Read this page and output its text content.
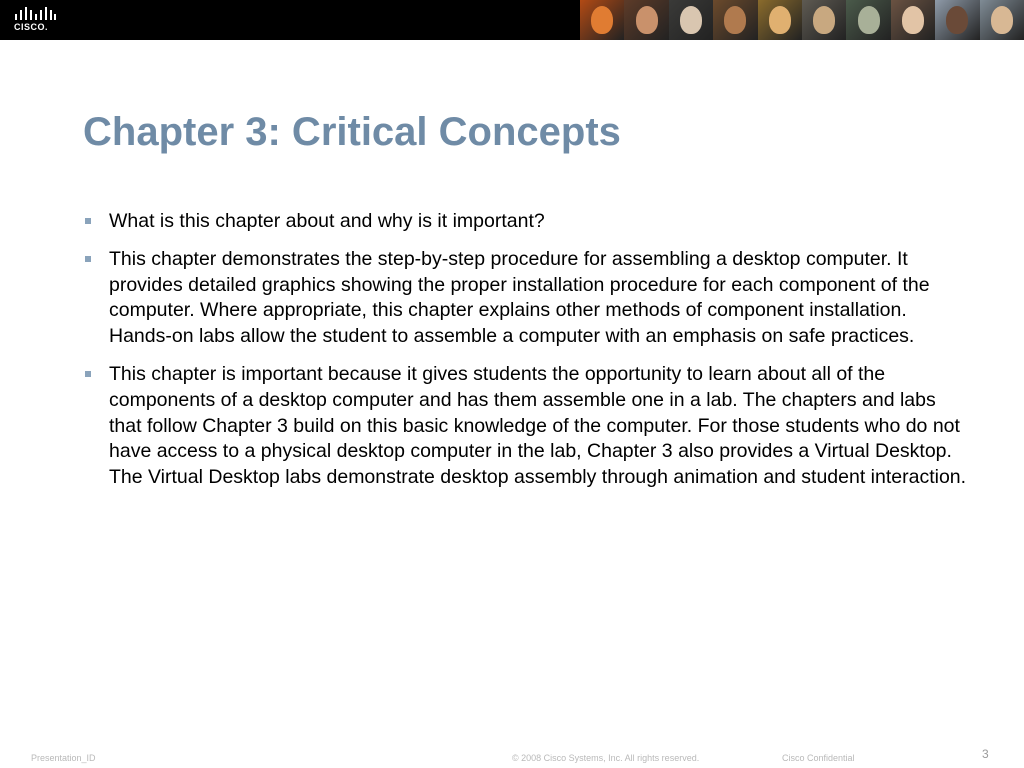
CISCO.
Chapter 3: Critical Concepts
What is this chapter about and why is it important?
This chapter demonstrates the step-by-step procedure for assembling a desktop computer. It provides detailed graphics showing the proper installation procedure for each component of the computer. Where appropriate, this chapter explains other methods of component installation. Hands-on labs allow the student to assemble a computer with an emphasis on safe practices.
This chapter is important because it gives students the opportunity to learn about all of the components of a desktop computer and has them assemble one in a lab. The chapters and labs that follow Chapter 3 build on this basic knowledge of the computer. For those students who do not have access to a physical desktop computer in the lab, Chapter 3 also provides a Virtual Desktop. The Virtual Desktop labs demonstrate desktop assembly through animation and student interaction.
Presentation_ID	© 2008 Cisco Systems, Inc. All rights reserved.	Cisco Confidential	3
